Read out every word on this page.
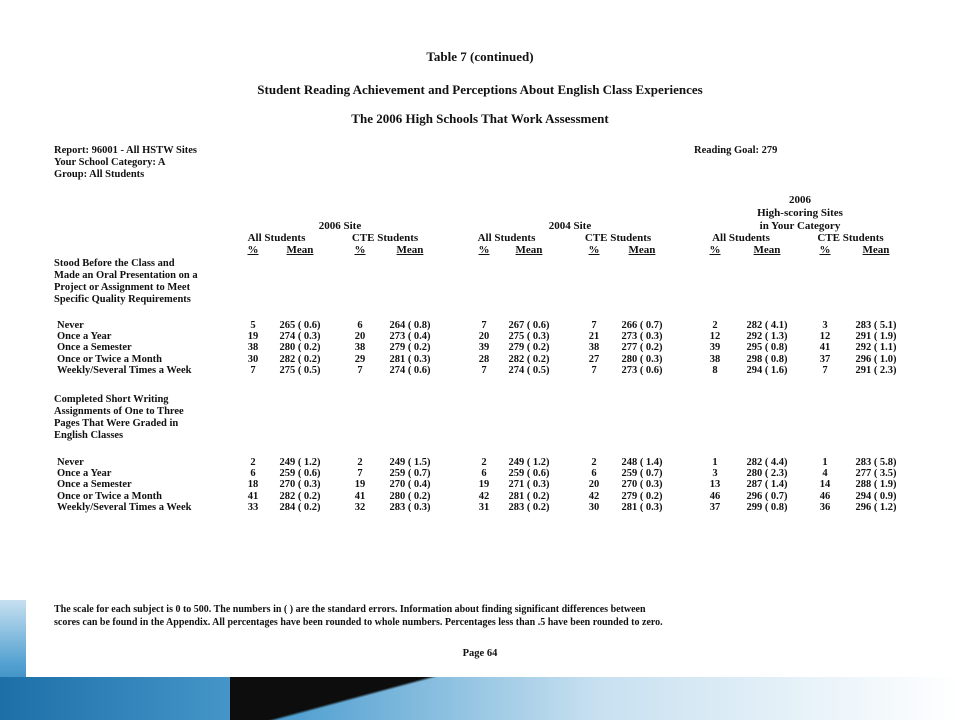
Table 7 (continued)
Student Reading Achievement and Perceptions About English Class Experiences
The 2006 High Schools That Work Assessment
Report: 96001 - All HSTW Sites
Your School Category: A
Group: All Students
Reading Goal: 279
2006 Site	2004 Site
2006
High-scoring Sites
in Your Category
All Students
%	Mean
CTE Students
%	Mean
All Students
%	Mean
CTE Students
%	Mean
All Students
%	Mean
CTE Students
%	Mean
Stood Before the Class and
Made an Oral Presentation on a
Project or Assignment to Meet
Specific Quality Requirements
Never	5	265 ( 0.6)	6	264 ( 0.8)	7	267 ( 0.6)	7	266 ( 0.7)	2	282 ( 4.1)	3	283 ( 5.1)
Once a Year	19	274 ( 0.3)	20	273 ( 0.4)	20	275 ( 0.3)	21	273 ( 0.3)	12	292 ( 1.3)	12	291 ( 1.9)
Once a Semester	38	280 ( 0.2)	38	279 ( 0.2)	39	279 ( 0.2)	38	277 ( 0.2)	39	295 ( 0.8)	41	292 ( 1.1)
Once or Twice a Month	30	282 ( 0.2)	29	281 ( 0.3)	28	282 ( 0.2)	27	280 ( 0.3)	38	298 ( 0.8)	37	296 ( 1.0)
Weekly/Several Times a Week	7	275 ( 0.5)	7	274 ( 0.6)	7	274 ( 0.5)	7	273 ( 0.6)	8	294 ( 1.6)	7	291 ( 2.3)
Completed Short Writing
Assignments of One to Three
Pages That Were Graded in
English Classes
Never	2	249 ( 1.2)	2	249 ( 1.5)	2	249 ( 1.2)	2	248 ( 1.4)	1	282 ( 4.4)	1	283 ( 5.8)
Once a Year	6	259 ( 0.6)	7	259 ( 0.7)	6	259 ( 0.6)	6	259 ( 0.7)	3	280 ( 2.3)	4	277 ( 3.5)
Once a Semester	18	270 ( 0.3)	19	270 ( 0.4)	19	271 ( 0.3)	20	270 ( 0.3)	13	287 ( 1.4)	14	288 ( 1.9)
Once or Twice a Month	41	282 ( 0.2)	41	280 ( 0.2)	42	281 ( 0.2)	42	279 ( 0.2)	46	296 ( 0.7)	46	294 ( 0.9)
Weekly/Several Times a Week	33	284 ( 0.2)	32	283 ( 0.3)	31	283 ( 0.2)	30	281 ( 0.3)	37	299 ( 0.8)	36	296 ( 1.2)
The scale for each subject is 0 to 500. The numbers in ( ) are the standard errors. Information about finding significant differences between
scores can be found in the Appendix. All percentages have been rounded to whole numbers. Percentages less than .5 have been rounded to zero.
Page 64
